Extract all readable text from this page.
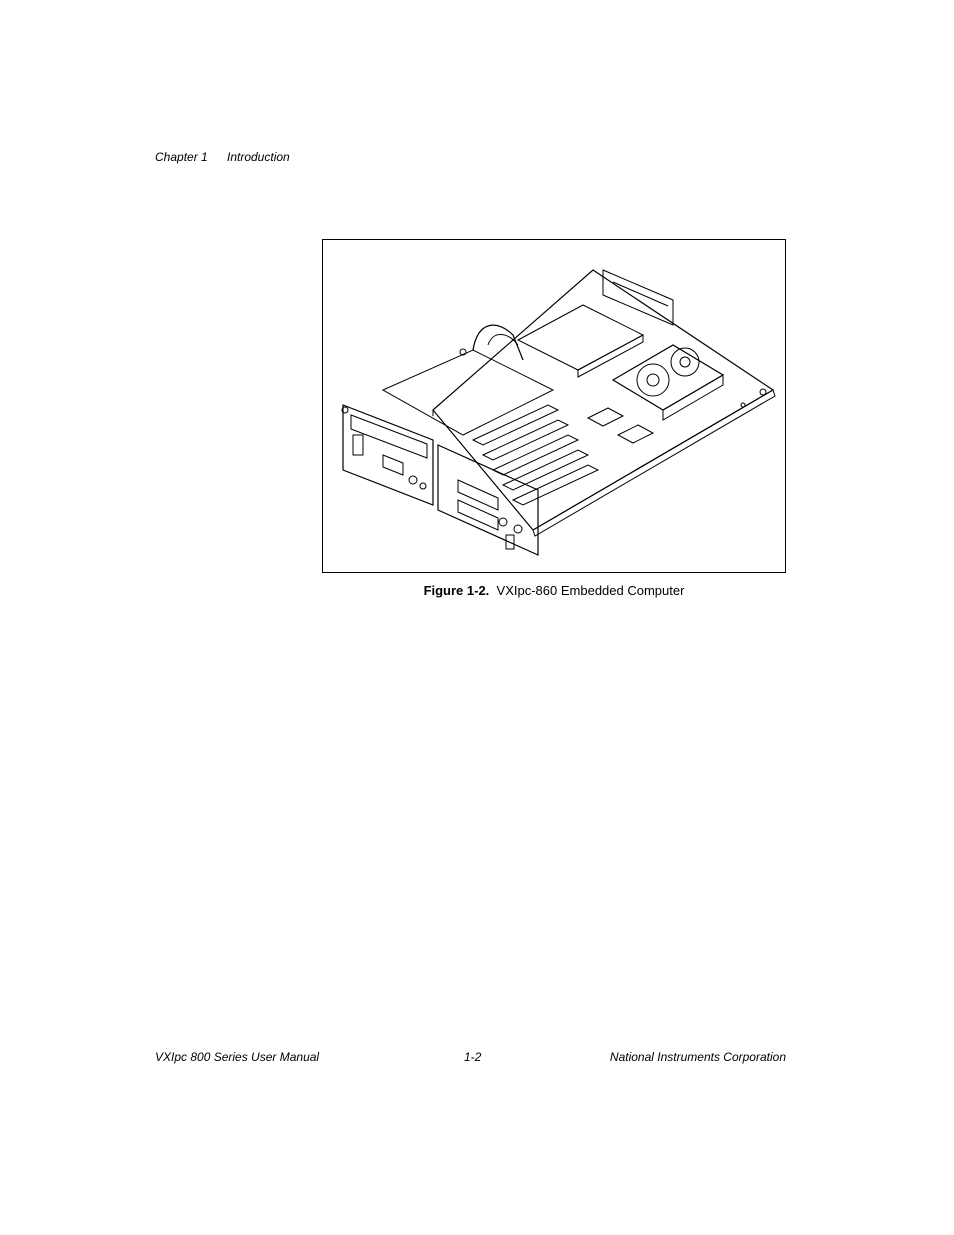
Chapter 1 Introduction
Figure 1-2. VXIpc-860 Embedded Computer
VXIpc 800 Series User Manual	1-2	National Instruments Corporation
